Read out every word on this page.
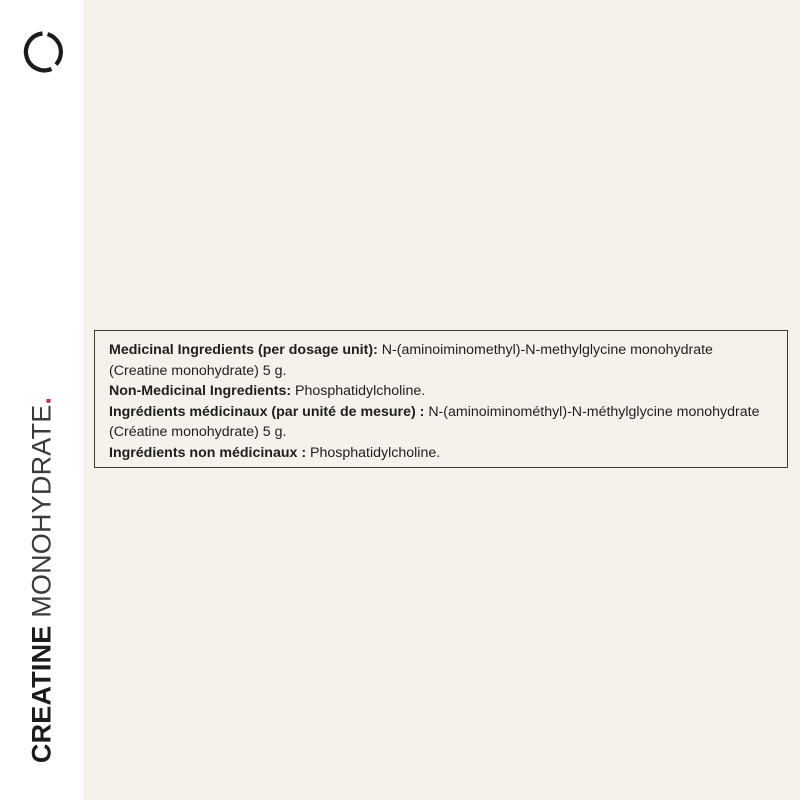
CREATINE MONOHYDRATE.

Medicinal Ingredients (per dosage unit): N-(aminoiminomethyl)-N-methylglycine monohydrate (Creatine monohydrate) 5 g.

Non-Medicinal Ingredients: Phosphatidylcholine.

Ingrédients médicinaux (par unité de mesure) : N-(aminoiminométhyl)-N-méthylglycine monohydrate (Créatine monohydrate) 5 g.

Ingrédients non médicinaux : Phosphatidylcholine.
